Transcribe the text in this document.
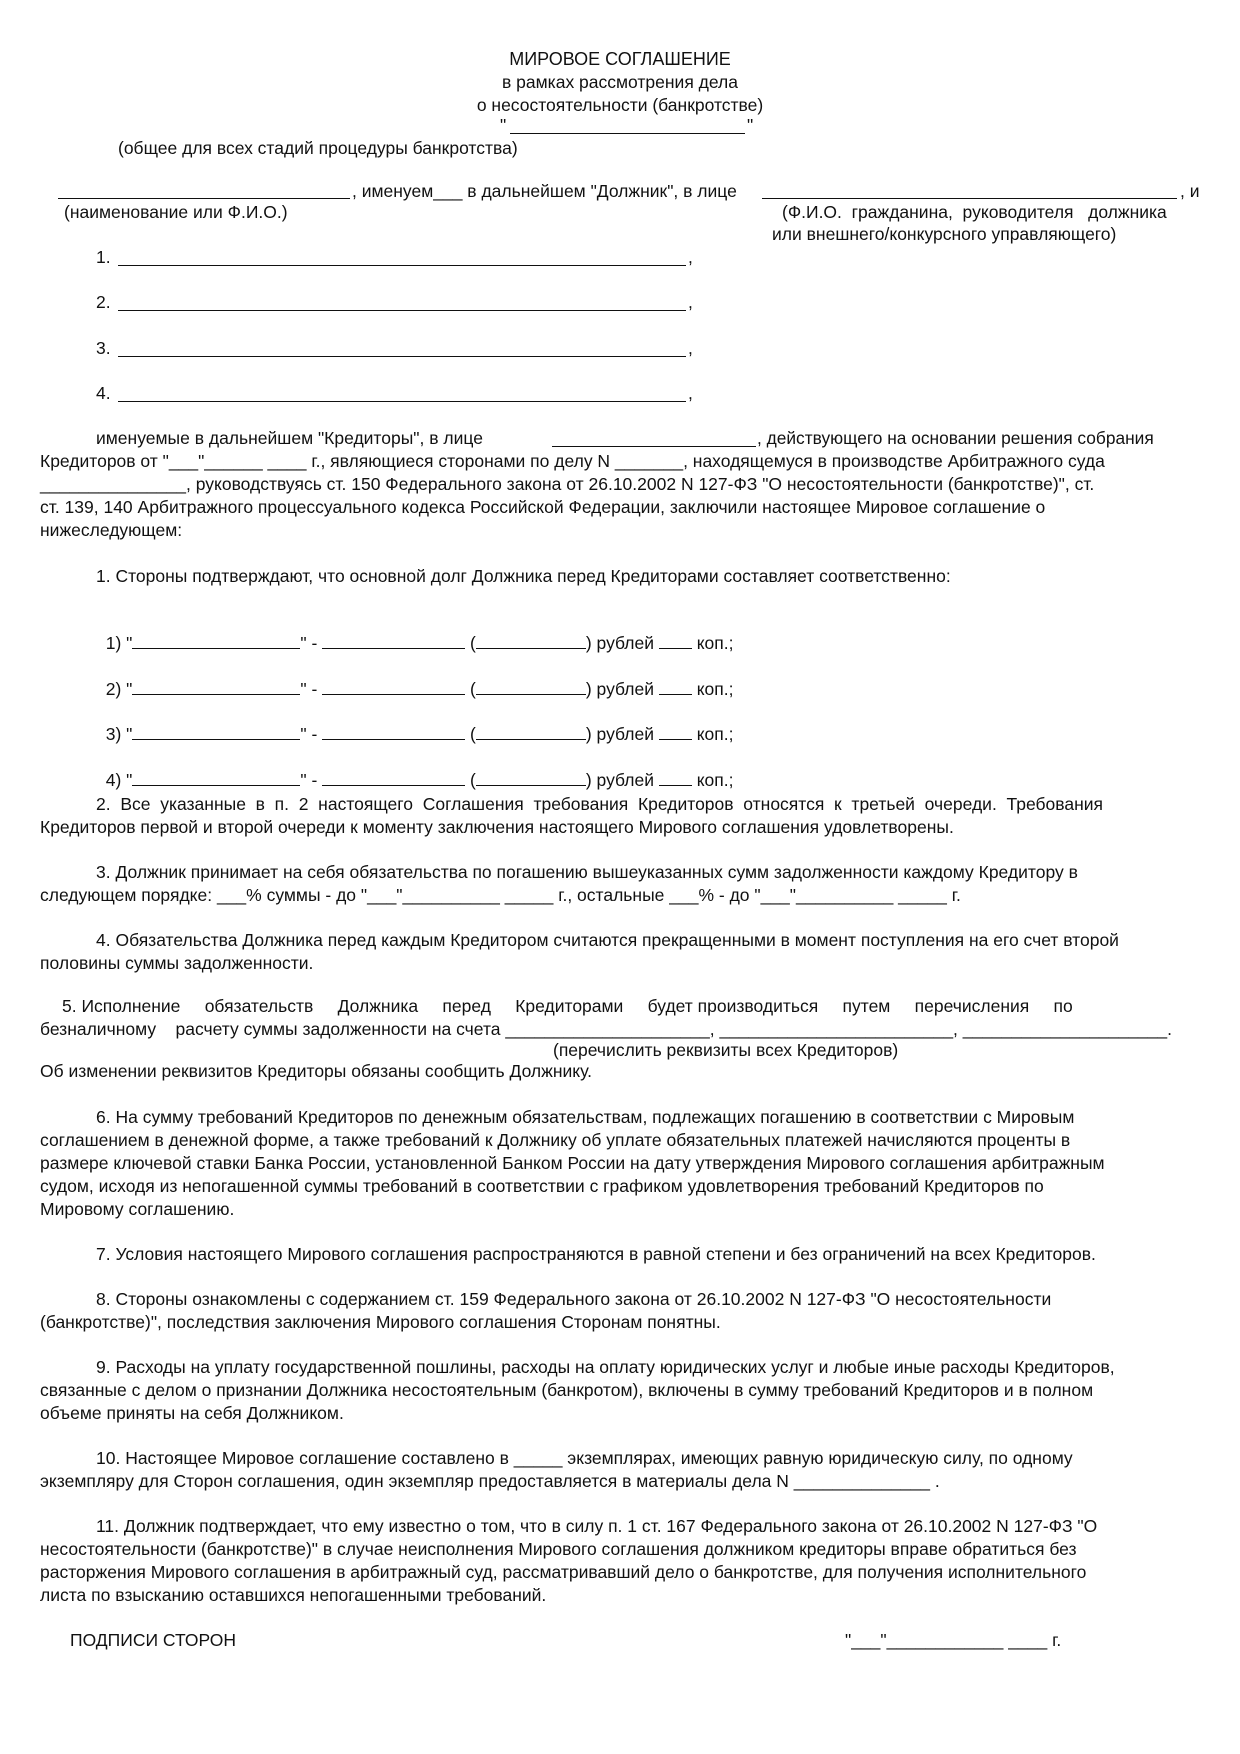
МИРОВОЕ СОГЛАШЕНИЕ
в рамках рассмотрения дела
о несостоятельности (банкротстве)
"	"
(общее для всех стадий процедуры банкротства)
, именуем___ в дальнейшем "Должник", в лице	, и
(наименование или Ф.И.О.)	(Ф.И.О.  гражданина,  руководителя   должника
или внешнего/конкурсного управляющего)
1.	,
2.	,
3.	,
4.	,
именуемые в дальнейшем "Кредиторы", в лице	, действующего на основании решения собрания
Кредиторов от "___"______ ____ г., являющиеся сторонами по делу N _______, находящемуся в производстве Арбитражного суда
_______________, руководствуясь ст. 150 Федерального закона от 26.10.2002 N 127-ФЗ "О несостоятельности (банкротстве)", ст.
ст. 139, 140 Арбитражного процессуального кодекса Российской Федерации, заключили настоящее Мировое соглашение о
нижеследующем:
1. Стороны подтверждают, что основной долг Должника перед Кредиторами составляет соответственно:

1) "	" -	(	) рублей  коп.;

2) "	" -	(	) рублей  коп.;

3) "	" -	(	) рублей  коп.;

4) "	" -	(	) рублей  коп.;

2.  Все  указанные  в  п.  2  настоящего  Соглашения  требования  Кредиторов  относятся  к  третьей  очереди.  Требования
Кредиторов первой и второй очереди к моменту заключения настоящего Мирового соглашения удовлетворены.
3. Должник принимает на себя обязательства по погашению вышеуказанных сумм задолженности каждому Кредитору в
следующем порядке: ___% суммы - до "___"__________ _____ г., остальные ___% - до "___"__________ _____ г.
4. Обязательства Должника перед каждым Кредитором считаются прекращенными в момент поступления на его счет второй
половины суммы задолженности.
5. Исполнение     обязательств     Должника     перед     Кредиторами     будет производиться     путем     перечисления     по
безналичному    расчету суммы задолженности на счета _____________________, ________________________, _____________________.
(перечислить реквизиты всех Кредиторов)
Об изменении реквизитов Кредиторы обязаны сообщить Должнику.
6. На сумму требований Кредиторов по денежным обязательствам, подлежащих погашению в соответствии с Мировым
соглашением в денежной форме, а также требований к Должнику об уплате обязательных платежей начисляются проценты в
размере ключевой ставки Банка России, установленной Банком России на дату утверждения Мирового соглашения арбитражным
судом, исходя из непогашенной суммы требований в соответствии с графиком удовлетворения требований Кредиторов по
Мировому соглашению.
7. Условия настоящего Мирового соглашения распространяются в равной степени и без ограничений на всех Кредиторов.
8. Стороны ознакомлены с содержанием ст. 159 Федерального закона от 26.10.2002 N 127-ФЗ "О несостоятельности
(банкротстве)", последствия заключения Мирового соглашения Сторонам понятны.
9. Расходы на уплату государственной пошлины, расходы на оплату юридических услуг и любые иные расходы Кредиторов,
связанные с делом о признании Должника несостоятельным (банкротом), включены в сумму требований Кредиторов и в полном
объеме приняты на себя Должником.
10. Настоящее Мировое соглашение составлено в _____ экземплярах, имеющих равную юридическую силу, по одному
экземпляру для Сторон соглашения, один экземпляр предоставляется в материалы дела N ______________ .
11. Должник подтверждает, что ему известно о том, что в силу п. 1 ст. 167 Федерального закона от 26.10.2002 N 127-ФЗ "О
несостоятельности (банкротстве)" в случае неисполнения Мирового соглашения должником кредиторы вправе обратиться без
расторжения Мирового соглашения в арбитражный суд, рассматривавший дело о банкротстве, для получения исполнительного
листа по взысканию оставшихся непогашенными требований.
ПОДПИСИ СТОРОН	"___"____________ ____ г.
